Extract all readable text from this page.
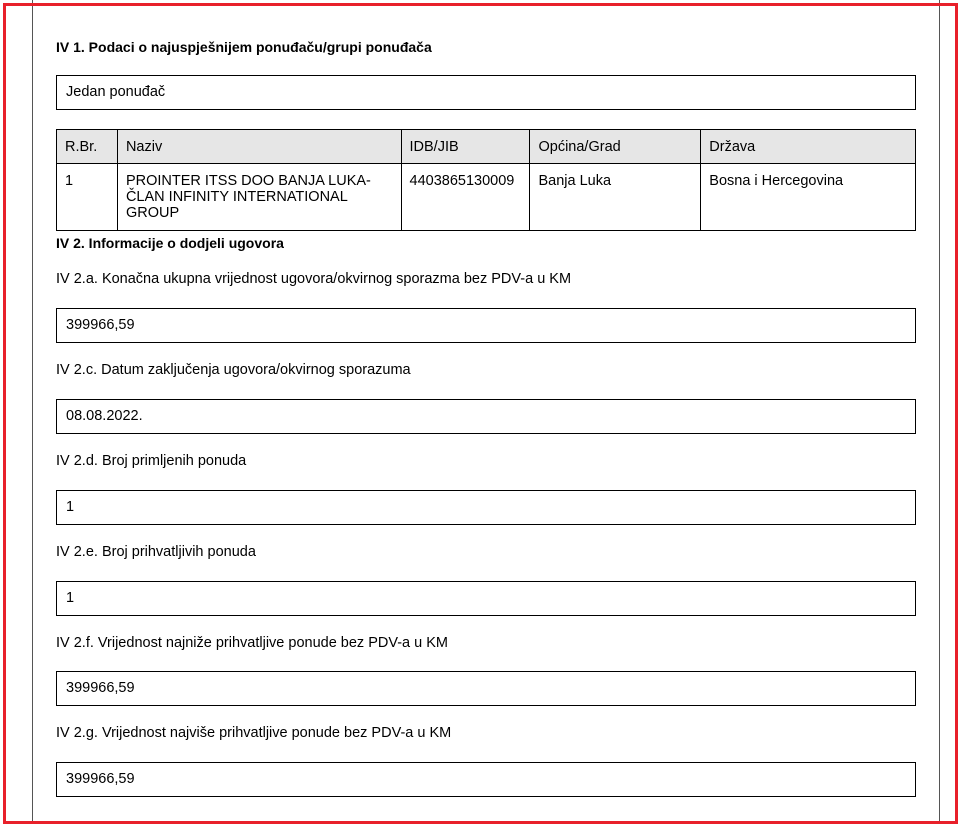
IV 1. Podaci o najuspješnijem ponuđaču/grupi ponuđača
Jedan ponuđač
R.Br.	Naziv	IDB/JIB	Općina/Grad	Država
1	PROINTER ITSS DOO BANJA LUKA-ČLAN INFINITY INTERNATIONAL GROUP	4403865130009	Banja Luka	Bosna i Hercegovina
IV 2. Informacije o dodjeli ugovora
IV 2.a. Konačna ukupna vrijednost ugovora/okvirnog sporazma bez PDV-a u KM
399966,59
IV 2.c. Datum zaključenja ugovora/okvirnog sporazuma
08.08.2022.
IV 2.d. Broj primljenih ponuda
1
IV 2.e. Broj prihvatljivih ponuda
1
IV 2.f. Vrijednost najniže prihvatljive ponude bez PDV-a u KM
399966,59
IV 2.g. Vrijednost najviše prihvatljive ponude bez PDV-a u KM
399966,59
